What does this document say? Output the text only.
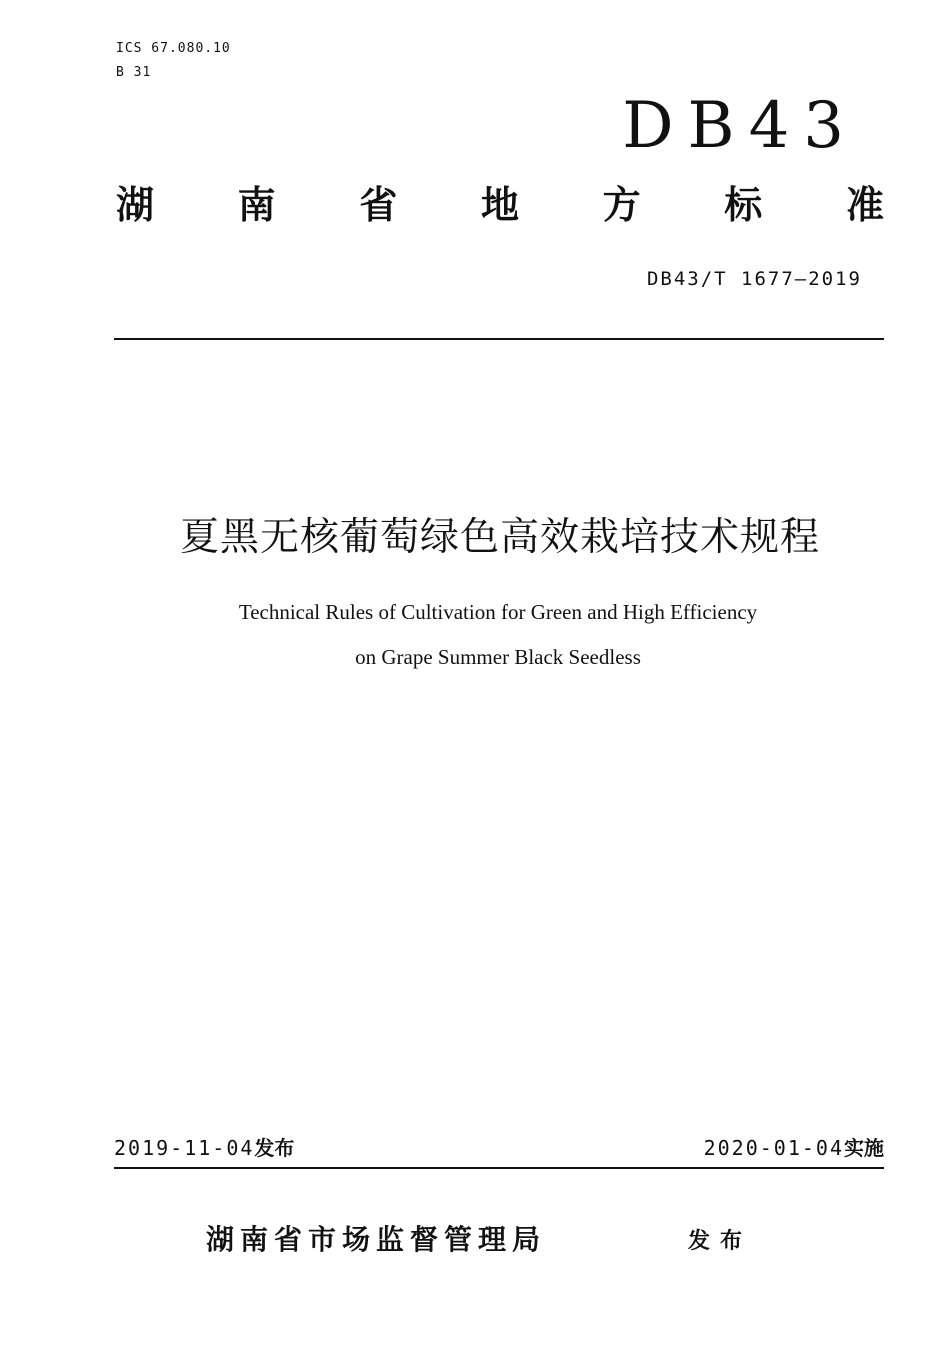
ICS 67.080.10
B 31
DB43
湖 南 省 地 方 标 准
DB43/T 1677—2019
夏黑无核葡萄绿色高效栽培技术规程
Technical Rules of Cultivation for Green and High Efficiency
on Grape Summer Black Seedless
2019-11-04发布	2020-01-04实施
湖南省市场监督管理局	发布
